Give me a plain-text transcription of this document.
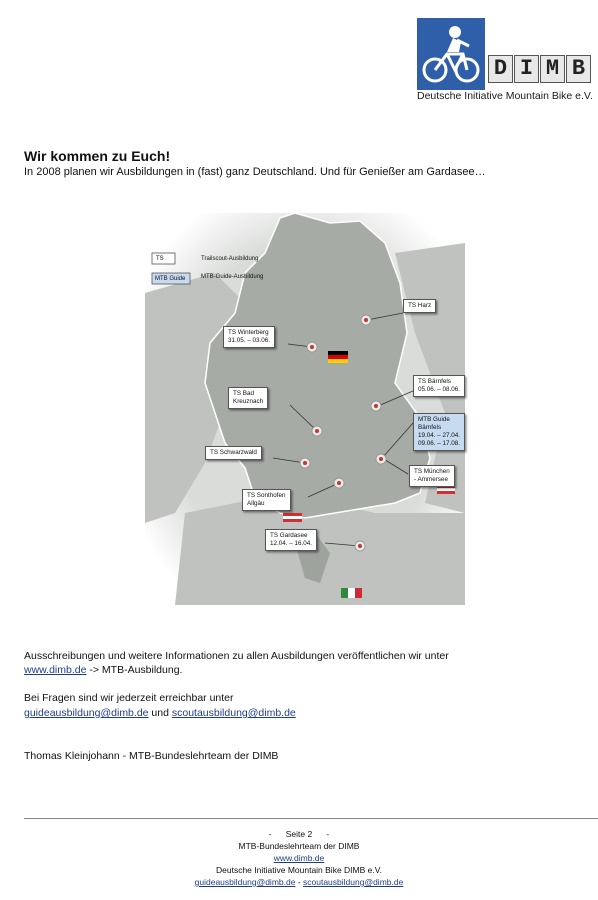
D I M B
Deutsche Initiative Mountain Bike e.V.
Wir kommen zu Euch!
In 2008 planen wir Ausbildungen in (fast) ganz Deutschland. Und für Genießer am Gardasee…
TS	Trailscout-Ausbildung
MTB Guide	MTB-Guide-Ausbildung
TS Harz
TS Winterberg
31.05. – 03.06.
TS Bärnfels
05.06. – 08.06.
MTB Guide
Bärnfels
19.04. – 27.04.
09.06. – 17.08.
TS Bad
Kreuznach
TS Schwarzwald
TS München
- Ammersee
TS Sonthofen
Allgäu
TS Gardasee
12.04. – 16.04.
Ausschreibungen und weitere Informationen zu allen Ausbildungen veröffentlichen wir unter
www.dimb.de -> MTB-Ausbildung.
Bei Fragen sind wir jederzeit erreichbar unter
guideausbildung@dimb.de und scoutausbildung@dimb.de
Thomas Kleinjohann - MTB-Bundeslehrteam der DIMB
-      Seite 2      -
MTB-Bundeslehrteam der DIMB
www.dimb.de
Deutsche Initiative Mountain Bike DIMB e.V.
guideausbildung@dimb.de - scoutausbildung@dimb.de
